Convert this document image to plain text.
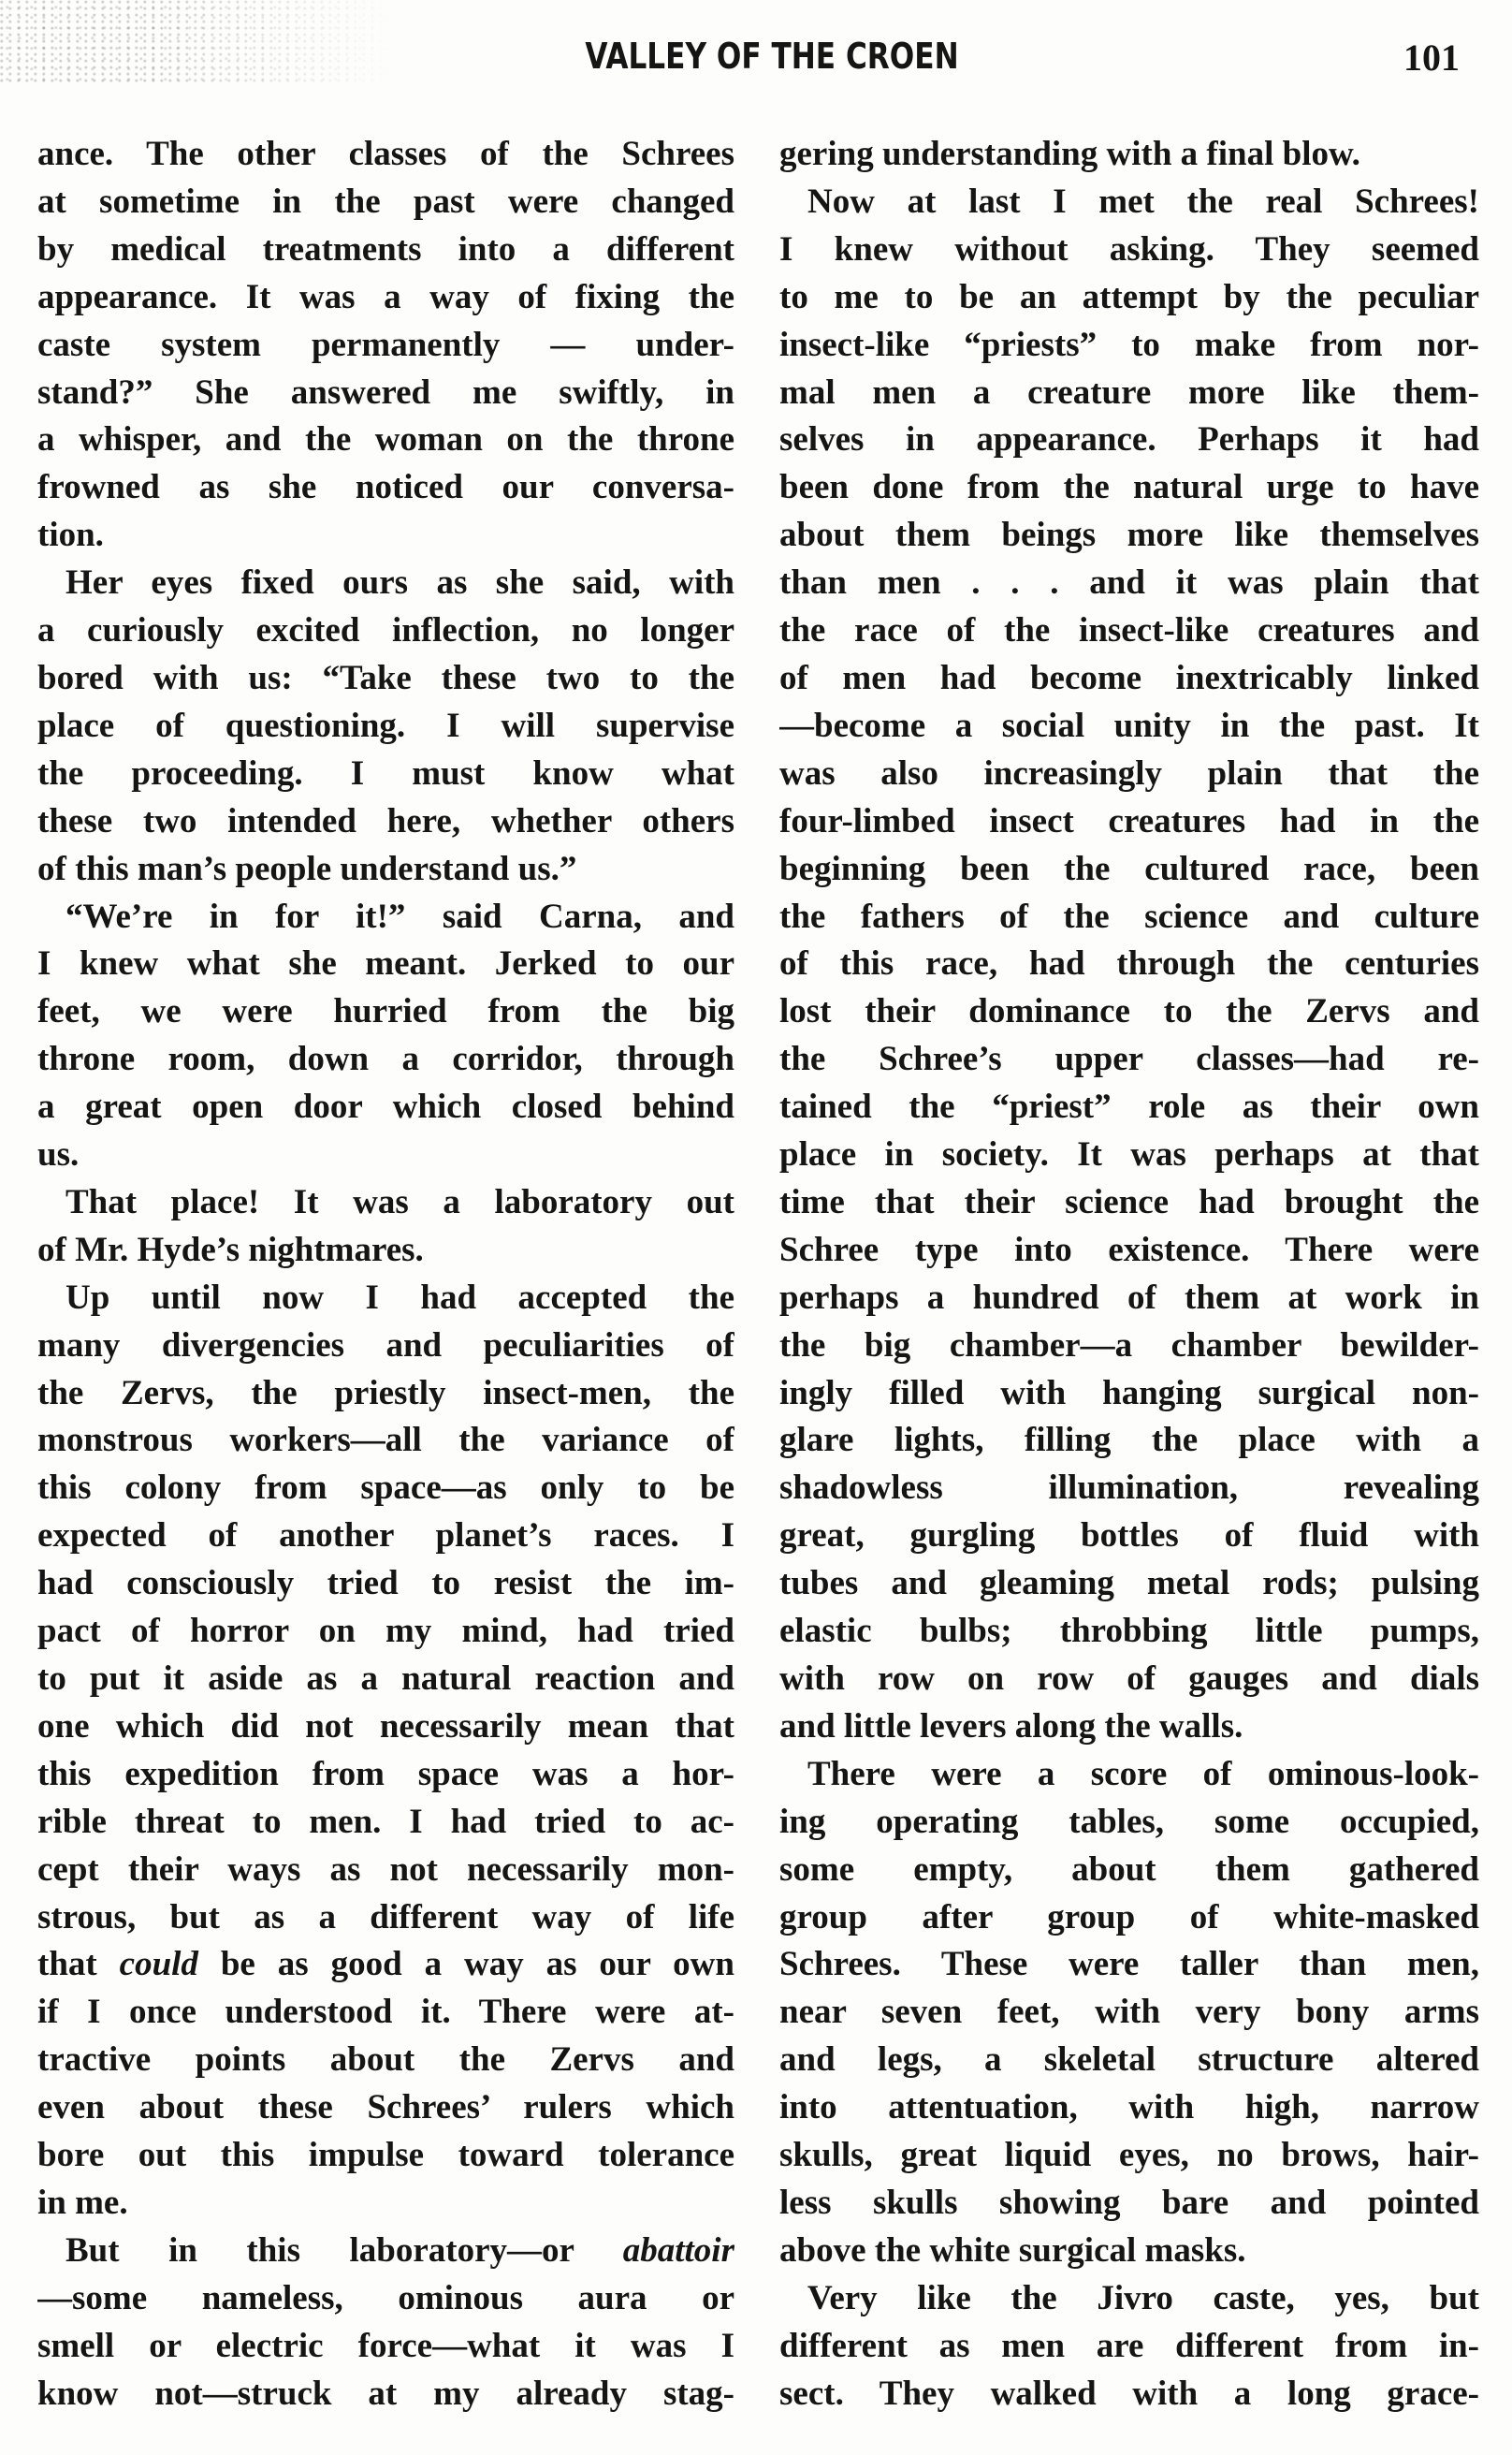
VALLEY OF THE CROEN	101
ance. The other classes of the Schrees
at sometime in the past were changed
by medical treatments into a different
appearance. It was a way of fixing the
caste system permanently — under-
stand?” She answered me swiftly, in
a whisper, and the woman on the throne
frowned as she noticed our conversa-
tion.
Her eyes fixed ours as she said, with
a curiously excited inflection, no longer
bored with us: “Take these two to the
place of questioning. I will supervise
the proceeding. I must know what
these two intended here, whether others
of this man’s people understand us.”
“We’re in for it!” said Carna, and
I knew what she meant. Jerked to our
feet, we were hurried from the big
throne room, down a corridor, through
a great open door which closed behind
us.
That place! It was a laboratory out
of Mr. Hyde’s nightmares.
Up until now I had accepted the
many divergencies and peculiarities of
the Zervs, the priestly insect-men, the
monstrous workers—all the variance of
this colony from space—as only to be
expected of another planet’s races. I
had consciously tried to resist the im-
pact of horror on my mind, had tried
to put it aside as a natural reaction and
one which did not necessarily mean that
this expedition from space was a hor-
rible threat to men. I had tried to ac-
cept their ways as not necessarily mon-
strous, but as a different way of life
that could be as good a way as our own
if I once understood it. There were at-
tractive points about the Zervs and
even about these Schrees’ rulers which
bore out this impulse toward tolerance
in me.
But in this laboratory—or abattoir
—some nameless, ominous aura or
smell or electric force—what it was I
know not—struck at my already stag-
gering understanding with a final blow.
Now at last I met the real Schrees!
I knew without asking. They seemed
to me to be an attempt by the peculiar
insect-like “priests” to make from nor-
mal men a creature more like them-
selves in appearance. Perhaps it had
been done from the natural urge to have
about them beings more like themselves
than men . . . and it was plain that
the race of the insect-like creatures and
of men had become inextricably linked
—become a social unity in the past. It
was also increasingly plain that the
four-limbed insect creatures had in the
beginning been the cultured race, been
the fathers of the science and culture
of this race, had through the centuries
lost their dominance to the Zervs and
the Schree’s upper classes—had re-
tained the “priest” role as their own
place in society. It was perhaps at that
time that their science had brought the
Schree type into existence. There were
perhaps a hundred of them at work in
the big chamber—a chamber bewilder-
ingly filled with hanging surgical non-
glare lights, filling the place with a
shadowless illumination, revealing
great, gurgling bottles of fluid with
tubes and gleaming metal rods; pulsing
elastic bulbs; throbbing little pumps,
with row on row of gauges and dials
and little levers along the walls.
There were a score of ominous-look-
ing operating tables, some occupied,
some empty, about them gathered
group after group of white-masked
Schrees. These were taller than men,
near seven feet, with very bony arms
and legs, a skeletal structure altered
into attentuation, with high, narrow
skulls, great liquid eyes, no brows, hair-
less skulls showing bare and pointed
above the white surgical masks.
Very like the Jivro caste, yes, but
different as men are different from in-
sect. They walked with a long grace-
